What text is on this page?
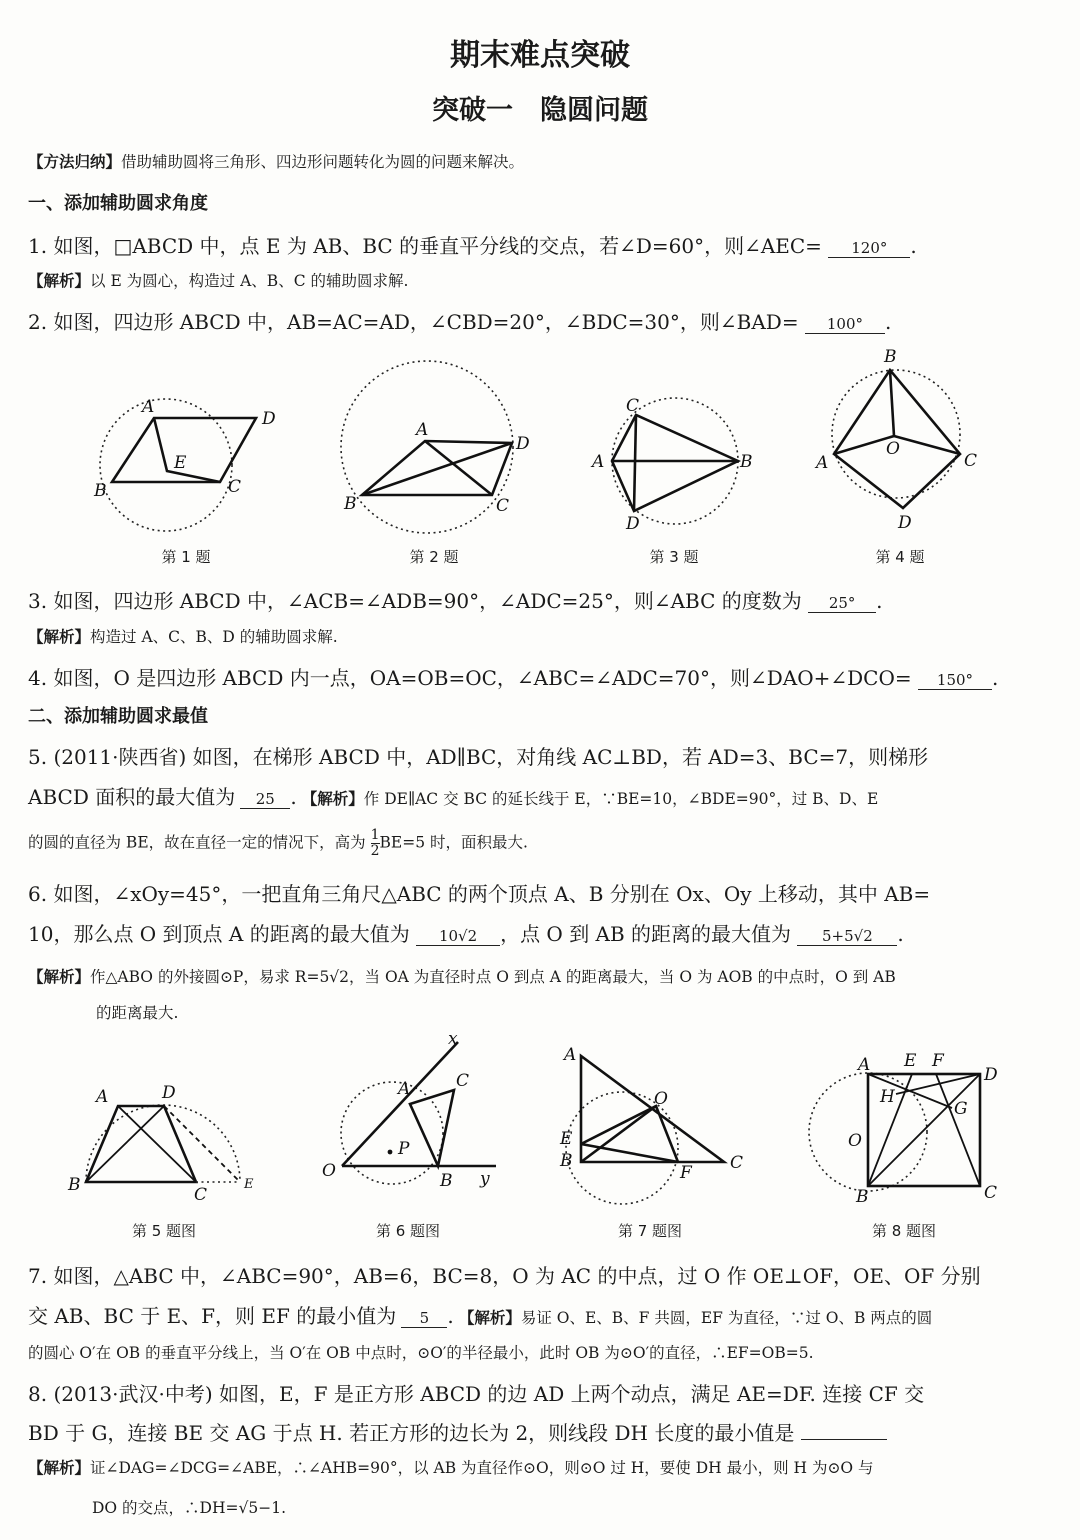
期末难点突破
突破一　隐圆问题
【方法归纳】借助辅助圆将三角形、四边形问题转化为圆的问题来解决。
一、添加辅助圆求角度
1. 如图，□ABCD 中，点 E 为 AB、BC 的垂直平分线的交点，若∠D=60°，则∠AEC= 120° .
【解析】以 E 为圆心，构造过 A、B、C 的辅助圆求解.
2. 如图，四边形 ABCD 中，AB=AC=AD，∠CBD=20°，∠BDC=30°，则∠BAD= 100° .
A
D
E
B	C
第 1 题
A
D
B	C
第 2 题
C
A	B
D
第 3 题
B
O
A	C
D
第 4 题
3. 如图，四边形 ABCD 中，∠ACB=∠ADB=90°，∠ADC=25°，则∠ABC 的度数为 25° .
【解析】构造过 A、C、B、D 的辅助圆求解.
4. 如图，O 是四边形 ABCD 内一点，OA=OB=OC，∠ABC=∠ADC=70°，则∠DAO+∠DCO= 150° .
二、添加辅助圆求最值
5. (2011·陕西省) 如图，在梯形 ABCD 中，AD∥BC，对角线 AC⊥BD，若 AD=3、BC=7，则梯形
ABCD 面积的最大值为 25 . 【解析】作 DE∥AC 交 BC 的延长线于 E，∵BE=10，∠BDE=90°，过 B、D、E
的圆的直径为 BE，故在直径一定的情况下，高为 $\frac{1}{2} BE=5$ 时，面积最大.
6. 如图，∠xOy=45°，一把直角三角尺△ABC 的两个顶点 A、B 分别在 Ox、Oy 上移动，其中 AB=
10，那么点 O 到顶点 A 的距离的最大值为 10√2 ，点 O 到 AB 的距离的最大值为 5+5√2 .
【解析】作△ABO 的外接圆⊙P，易求 R=5√2，当 OA 为直径时点 O 到点 A 的距离最大，当 O 为 AOB 的中点时，O 到 AB
的距离最大.
A	D
B	C
E
第 5 题图
x
A	C
P
O	B y
第 6 题图
A
O
E
B
F C
第 7 题图
A E F
D
H
G
O
B	C
第 8 题图
7. 如图，△ABC 中，∠ABC=90°，AB=6，BC=8，O 为 AC 的中点，过 O 作 OE⊥OF，OE、OF 分别
交 AB、BC 于 E、F，则 EF 的最小值为 5 . 【解析】易证 O、E、B、F 共圆，EF 为直径，∵过 O、B 两点的圆
的圆心 O′在 OB 的垂直平分线上，当 O′在 OB 中点时，⊙O′的半径最小，此时 OB 为⊙O′的直径，∴EF=OB=5.
8. (2013·武汉·中考) 如图，E，F 是正方形 ABCD 的边 AD 上两个动点，满足 AE=DF. 连接 CF 交
BD 于 G，连接 BE 交 AG 于点 H. 若正方形的边长为 2，则线段 DH 长度的最小值是
【解析】证∠DAG=∠DCG=∠ABE，∴∠AHB=90°，以 AB 为直径作⊙O，则⊙O 过 H，要使 DH 最小，则 H 为⊙O 与
DO 的交点，∴DH=√5−1.
